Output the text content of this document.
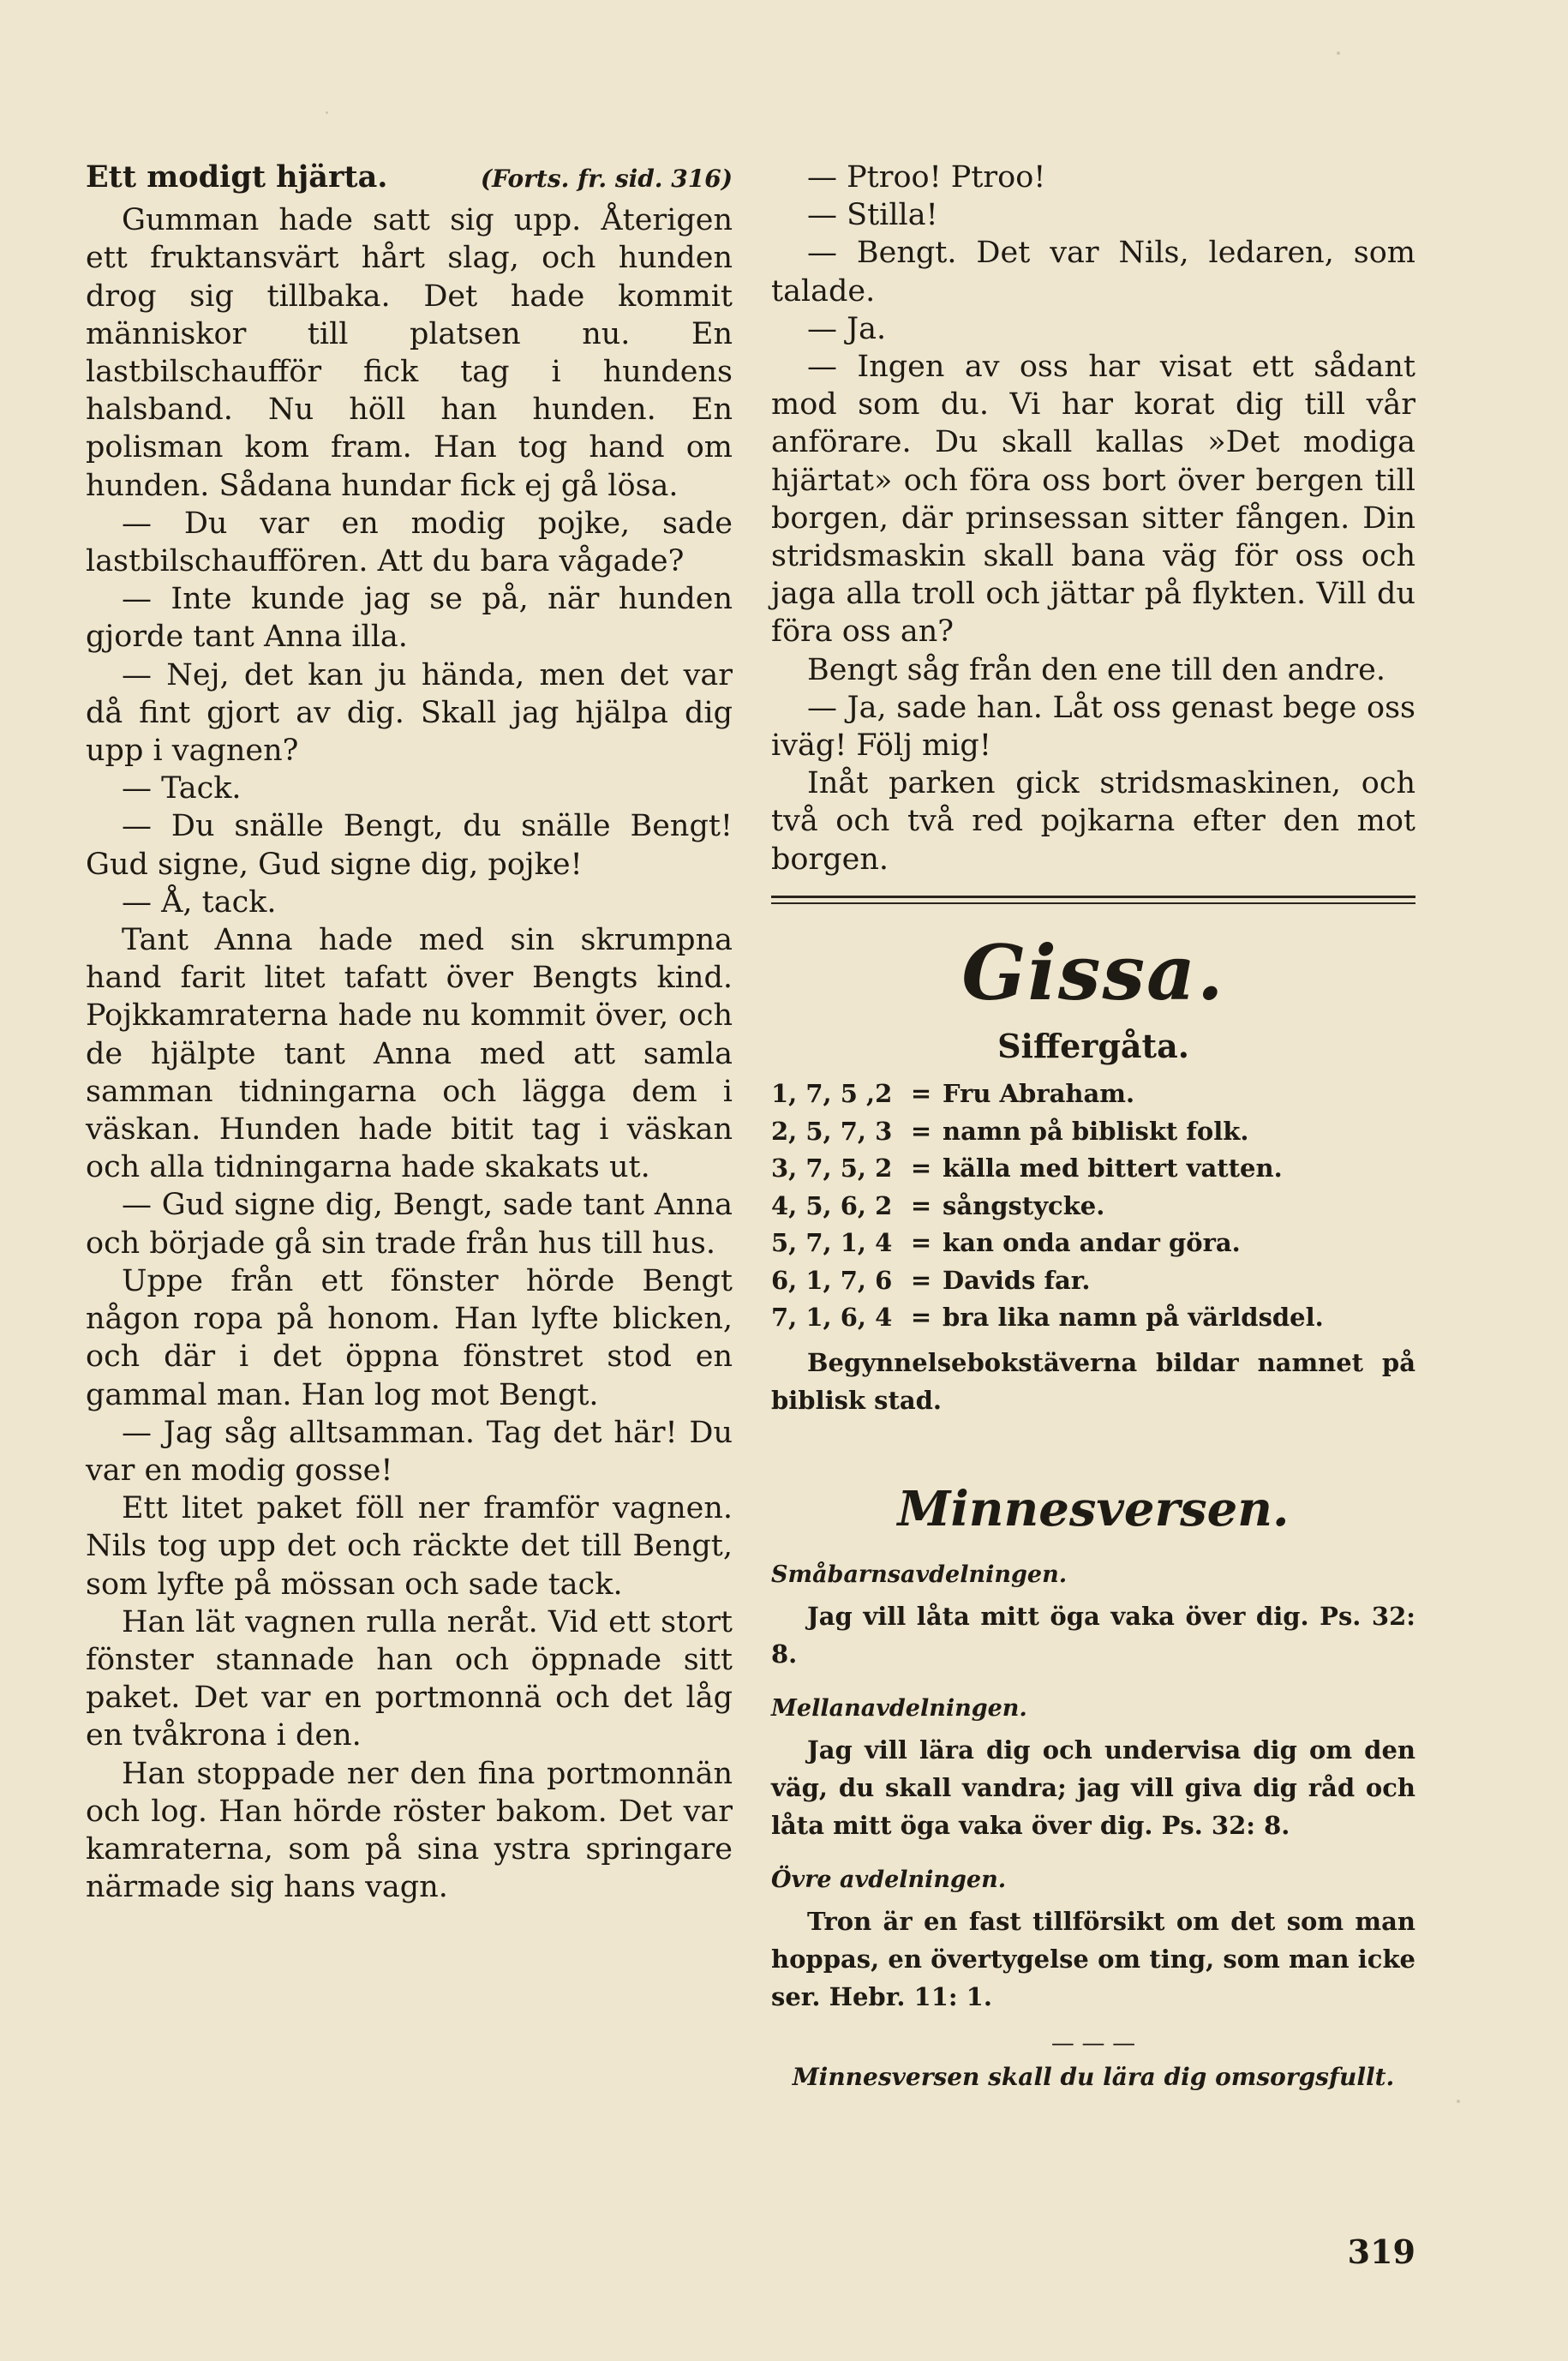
Ett modigt hjärta.	(Forts. fr. sid. 316)

Gumman hade satt sig upp. Återigen ett fruktansvärt hårt slag, och hunden drog sig tillbaka. Det hade kommit människor till platsen nu. En lastbilschaufför fick tag i hundens halsband. Nu höll han hunden. En polisman kom fram. Han tog hand om hunden. Sådana hundar fick ej gå lösa.

— Du var en modig pojke, sade lastbilschauffören. Att du bara vågade?

— Inte kunde jag se på, när hunden gjorde tant Anna illa.

— Nej, det kan ju hända, men det var då fint gjort av dig. Skall jag hjälpa dig upp i vagnen?

— Tack.

— Du snälle Bengt, du snälle Bengt! Gud signe, Gud signe dig, pojke!

— Å, tack.

Tant Anna hade med sin skrumpna hand farit litet tafatt över Bengts kind. Pojkkamraterna hade nu kommit över, och de hjälpte tant Anna med att samla samman tidningarna och lägga dem i väskan. Hunden hade bitit tag i väskan och alla tidningarna hade skakats ut.

— Gud signe dig, Bengt, sade tant Anna och började gå sin trade från hus till hus.

Uppe från ett fönster hörde Bengt någon ropa på honom. Han lyfte blicken, och där i det öppna fönstret stod en gammal man. Han log mot Bengt.

— Jag såg alltsamman. Tag det här! Du var en modig gosse!

Ett litet paket föll ner framför vagnen. Nils tog upp det och räckte det till Bengt, som lyfte på mössan och sade tack.

Han lät vagnen rulla neråt. Vid ett stort fönster stannade han och öppnade sitt paket. Det var en portmonnä och det låg en tvåkrona i den.

Han stoppade ner den fina portmonnän och log. Han hörde röster bakom. Det var kamraterna, som på sina ystra springare närmade sig hans vagn.

— Ptroo! Ptroo!

— Stilla!

— Bengt. Det var Nils, ledaren, som talade.

— Ja.

— Ingen av oss har visat ett sådant mod som du. Vi har korat dig till vår anförare. Du skall kallas »Det modiga hjärtat» och föra oss bort över bergen till borgen, där prinsessan sitter fången. Din stridsmaskin skall bana väg för oss och jaga alla troll och jättar på flykten. Vill du föra oss an?

Bengt såg från den ene till den andre.

— Ja, sade han. Låt oss genast bege oss iväg! Följ mig!

Inåt parken gick stridsmaskinen, och två och två red pojkarna efter den mot borgen.

Gissa.
Siffergåta.
1, 7, 5 ,2 = Fru Abraham.
2, 5, 7, 3 = namn på bibliskt folk.
3, 7, 5, 2 = källa med bittert vatten.
4, 5, 6, 2 = sångstycke.
5, 7, 1, 4 = kan onda andar göra.
6, 1, 7, 6 = Davids far.
7, 1, 6, 4 = bra lika namn på världsdel.

Begynnelsebokstäverna bildar namnet på biblisk stad.

Minnesversen.
Småbarnsavdelningen.

Jag vill låta mitt öga vaka över dig. Ps. 32: 8.

Mellanavdelningen.

Jag vill lära dig och undervisa dig om den väg, du skall vandra; jag vill giva dig råd och låta mitt öga vaka över dig. Ps. 32: 8.

Övre avdelningen.

Tron är en fast tillförsikt om det som man hoppas, en övertygelse om ting, som man icke ser. Hebr. 11: 1.

— — —
Minnesversen skall du lära dig omsorgsfullt.
319
